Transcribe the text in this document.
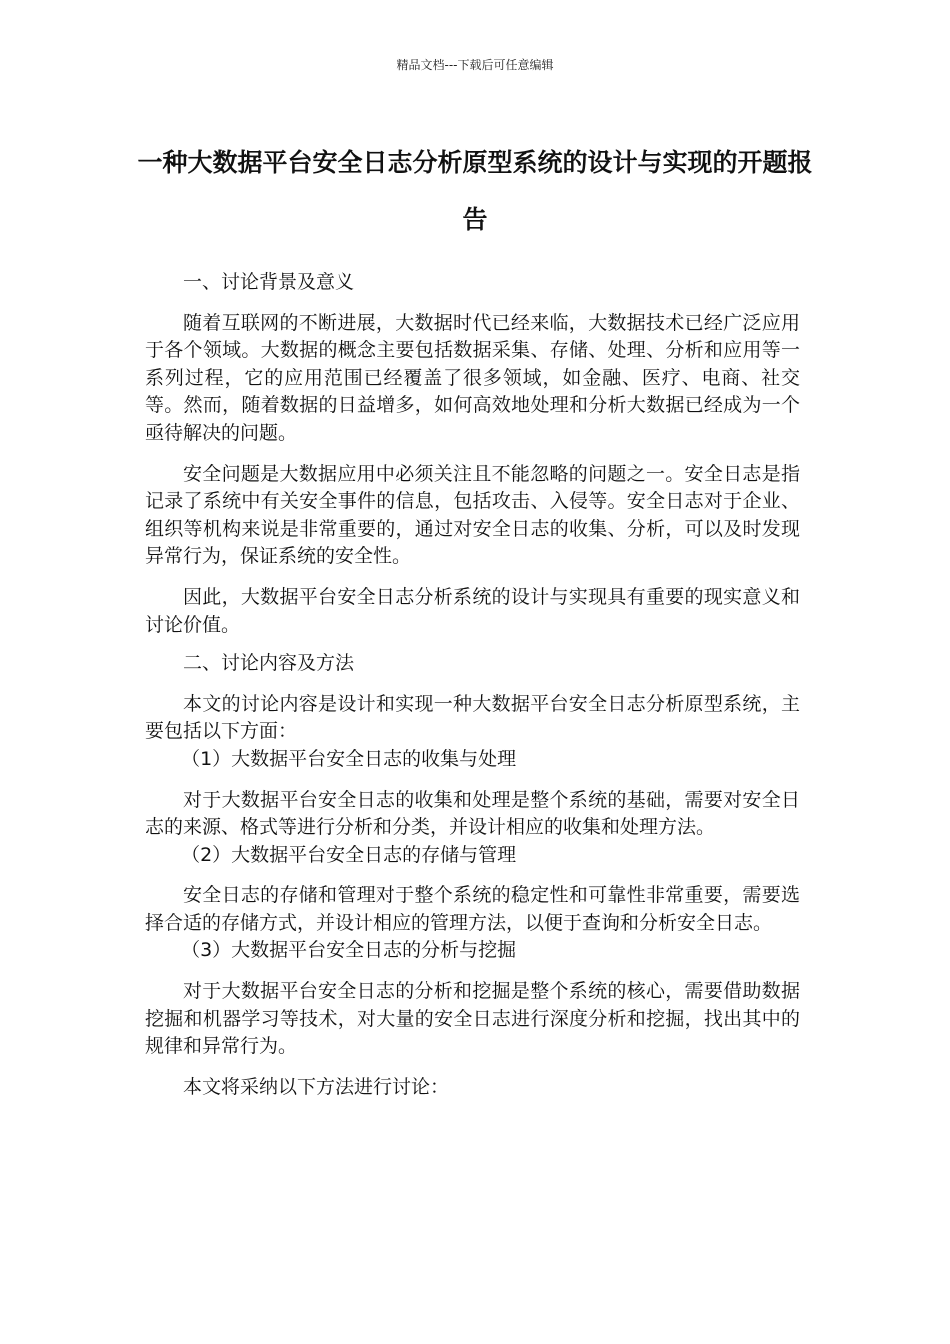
精品文档---下载后可任意编辑
一种大数据平台安全日志分析原型系统的设计与实现的开题报告

一、讨论背景及意义

随着互联网的不断进展，大数据时代已经来临，大数据技术已经广泛应用于各个领域。大数据的概念主要包括数据采集、存储、处理、分析和应用等一系列过程，它的应用范围已经覆盖了很多领域，如金融、医疗、电商、社交等。然而，随着数据的日益增多，如何高效地处理和分析大数据已经成为一个亟待解决的问题。

安全问题是大数据应用中必须关注且不能忽略的问题之一。安全日志是指记录了系统中有关安全事件的信息，包括攻击、入侵等。安全日志对于企业、组织等机构来说是非常重要的，通过对安全日志的收集、分析，可以及时发现异常行为，保证系统的安全性。

因此，大数据平台安全日志分析系统的设计与实现具有重要的现实意义和讨论价值。

二、讨论内容及方法

本文的讨论内容是设计和实现一种大数据平台安全日志分析原型系统，主要包括以下方面：

（1）大数据平台安全日志的收集与处理

对于大数据平台安全日志的收集和处理是整个系统的基础，需要对安全日志的来源、格式等进行分析和分类，并设计相应的收集和处理方法。

（2）大数据平台安全日志的存储与管理

安全日志的存储和管理对于整个系统的稳定性和可靠性非常重要，需要选择合适的存储方式，并设计相应的管理方法，以便于查询和分析安全日志。

（3）大数据平台安全日志的分析与挖掘

对于大数据平台安全日志的分析和挖掘是整个系统的核心，需要借助数据挖掘和机器学习等技术，对大量的安全日志进行深度分析和挖掘，找出其中的规律和异常行为。

本文将采纳以下方法进行讨论：
